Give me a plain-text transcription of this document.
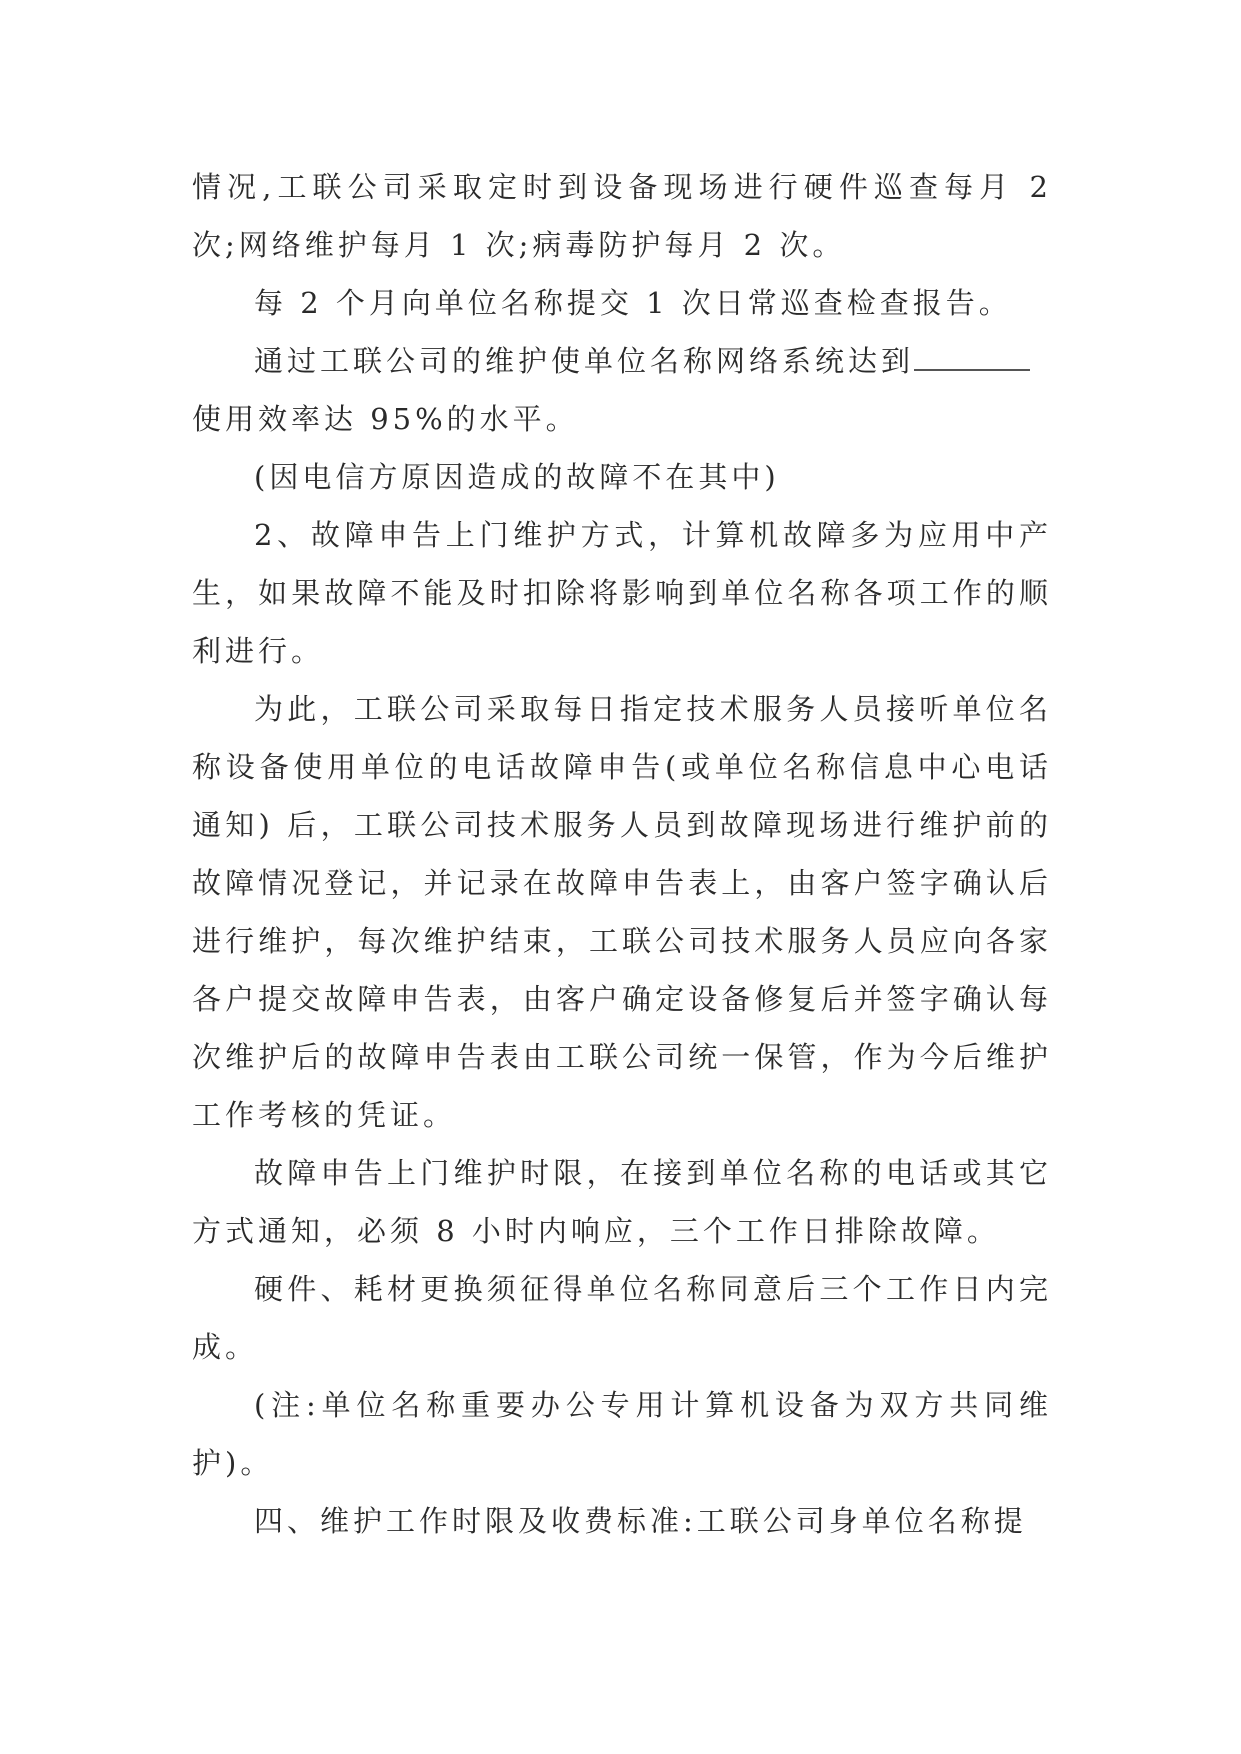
情况,工联公司采取定时到设备现场进行硬件巡查每月 2 次;网络维护每月 1 次;病毒防护每月 2 次。

每 2 个月向单位名称提交 1 次日常巡查检查报告。

通过工联公司的维护使单位名称网络系统达到

使用效率达 95%的水平。

(因电信方原因造成的故障不在其中)

2、故障申告上门维护方式，计算机故障多为应用中产生，如果故障不能及时扣除将影响到单位名称各项工作的顺利进行。

为此，工联公司采取每日指定技术服务人员接听单位名称设备使用单位的电话故障申告(或单位名称信息中心电话通知) 后，工联公司技术服务人员到故障现场进行维护前的故障情况登记，并记录在故障申告表上，由客户签字确认后进行维护，每次维护结束，工联公司技术服务人员应向各家各户提交故障申告表，由客户确定设备修复后并签字确认每次维护后的故障申告表由工联公司统一保管，作为今后维护工作考核的凭证。

故障申告上门维护时限，在接到单位名称的电话或其它方式通知，必须 8 小时内响应，三个工作日排除故障。

硬件、耗材更换须征得单位名称同意后三个工作日内完成。

(注:单位名称重要办公专用计算机设备为双方共同维护)。

四、维护工作时限及收费标准:工联公司身单位名称提
